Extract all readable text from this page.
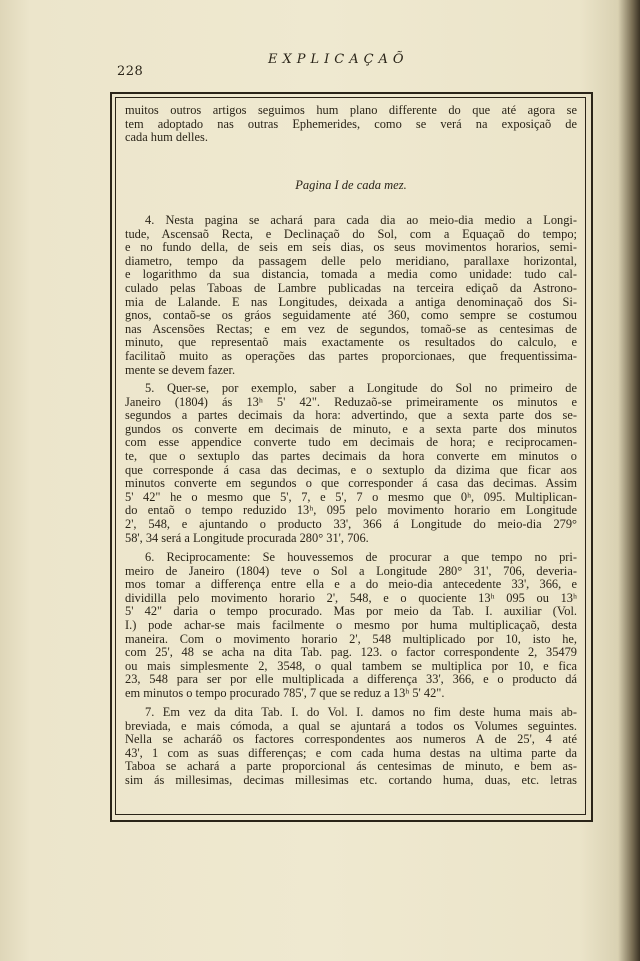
228
EXPLICAÇAÕ
muitos outros artigos seguimos hum plano differente do que até agora se
tem adoptado nas outras Ephemerides, como se verá na exposiçaõ de
cada hum delles.
Pagina I de cada mez.
4. Nesta pagina se achará para cada dia ao meio-dia medio a Longi-
tude, Ascensaõ Recta, e Declinaçaõ do Sol, com a Equaçaõ do tempo;
e no fundo della, de seis em seis dias, os seus movimentos horarios, semi-
diametro, tempo da passagem delle pelo meridiano, parallaxe horizontal,
e logarithmo da sua distancia, tomada a media como unidade: tudo cal-
culado pelas Taboas de Lambre publicadas na terceira ediçaõ da Astrono-
mia de Lalande. E nas Longitudes, deixada a antiga denominaçaõ dos Si-
gnos, contaõ-se os gráos seguidamente até 360, como sempre se costumou
nas Ascensões Rectas; e em vez de segundos, tomaõ-se as centesimas de
minuto, que representaõ mais exactamente os resultados do calculo, e
facilitaõ muito as operações das partes proporcionaes, que frequentissima-
mente se devem fazer.
5. Quer-se, por exemplo, saber a Longitude do Sol no primeiro de
Janeiro (1804) ás 13ʰ 5' 42". Reduzaõ-se primeiramente os minutos e
segundos a partes decimais da hora: advertindo, que a sexta parte dos se-
gundos os converte em decimais de minuto, e a sexta parte dos minutos
com esse appendice converte tudo em decimais de hora; e reciprocamen-
te, que o sextuplo das partes decimais da hora converte em minutos o
que corresponde á casa das decimas, e o sextuplo da dizima que ficar aos
minutos converte em segundos o que corresponder á casa das decimas. Assim
5' 42" he o mesmo que 5', 7, e 5', 7 o mesmo que 0ʰ, 095. Multiplican-
do entaõ o tempo reduzido 13ʰ, 095 pelo movimento horario em Longitude
2', 548, e ajuntando o producto 33', 366 á Longitude do meio-dia 279°
58', 34 será a Longitude procurada 280° 31', 706.
6. Reciprocamente: Se houvessemos de procurar a que tempo no pri-
meiro de Janeiro (1804) teve o Sol a Longitude 280° 31', 706, deveria-
mos tomar a differença entre ella e a do meio-dia antecedente 33', 366, e
dividilla pelo movimento horario 2', 548, e o quociente 13ʰ 095 ou 13ʰ
5' 42" daria o tempo procurado. Mas por meio da Tab. I. auxiliar (Vol.
I.) pode achar-se mais facilmente o mesmo por huma multiplicaçaõ, desta
maneira. Com o movimento horario 2', 548 multiplicado por 10, isto he,
com 25', 48 se acha na dita Tab. pag. 123. o factor correspondente 2, 35479
ou mais simplesmente 2, 3548, o qual tambem se multiplica por 10, e fica
23, 548 para ser por elle multiplicada a differença 33', 366, e o producto dá
em minutos o tempo procurado 785', 7 que se reduz a 13ʰ 5' 42".
7. Em vez da dita Tab. I. do Vol. I. damos no fim deste huma mais ab-
breviada, e mais cómoda, a qual se ajuntará a todos os Volumes seguintes.
Nella se acharáõ os factores correspondentes aos numeros A de 25', 4 até
43', 1 com as suas differenças; e com cada huma destas na ultima parte da
Taboa se achará a parte proporcional ás centesimas de minuto, e bem as-
sim ás millesimas, decimas millesimas etc. cortando huma, duas, etc. letras
